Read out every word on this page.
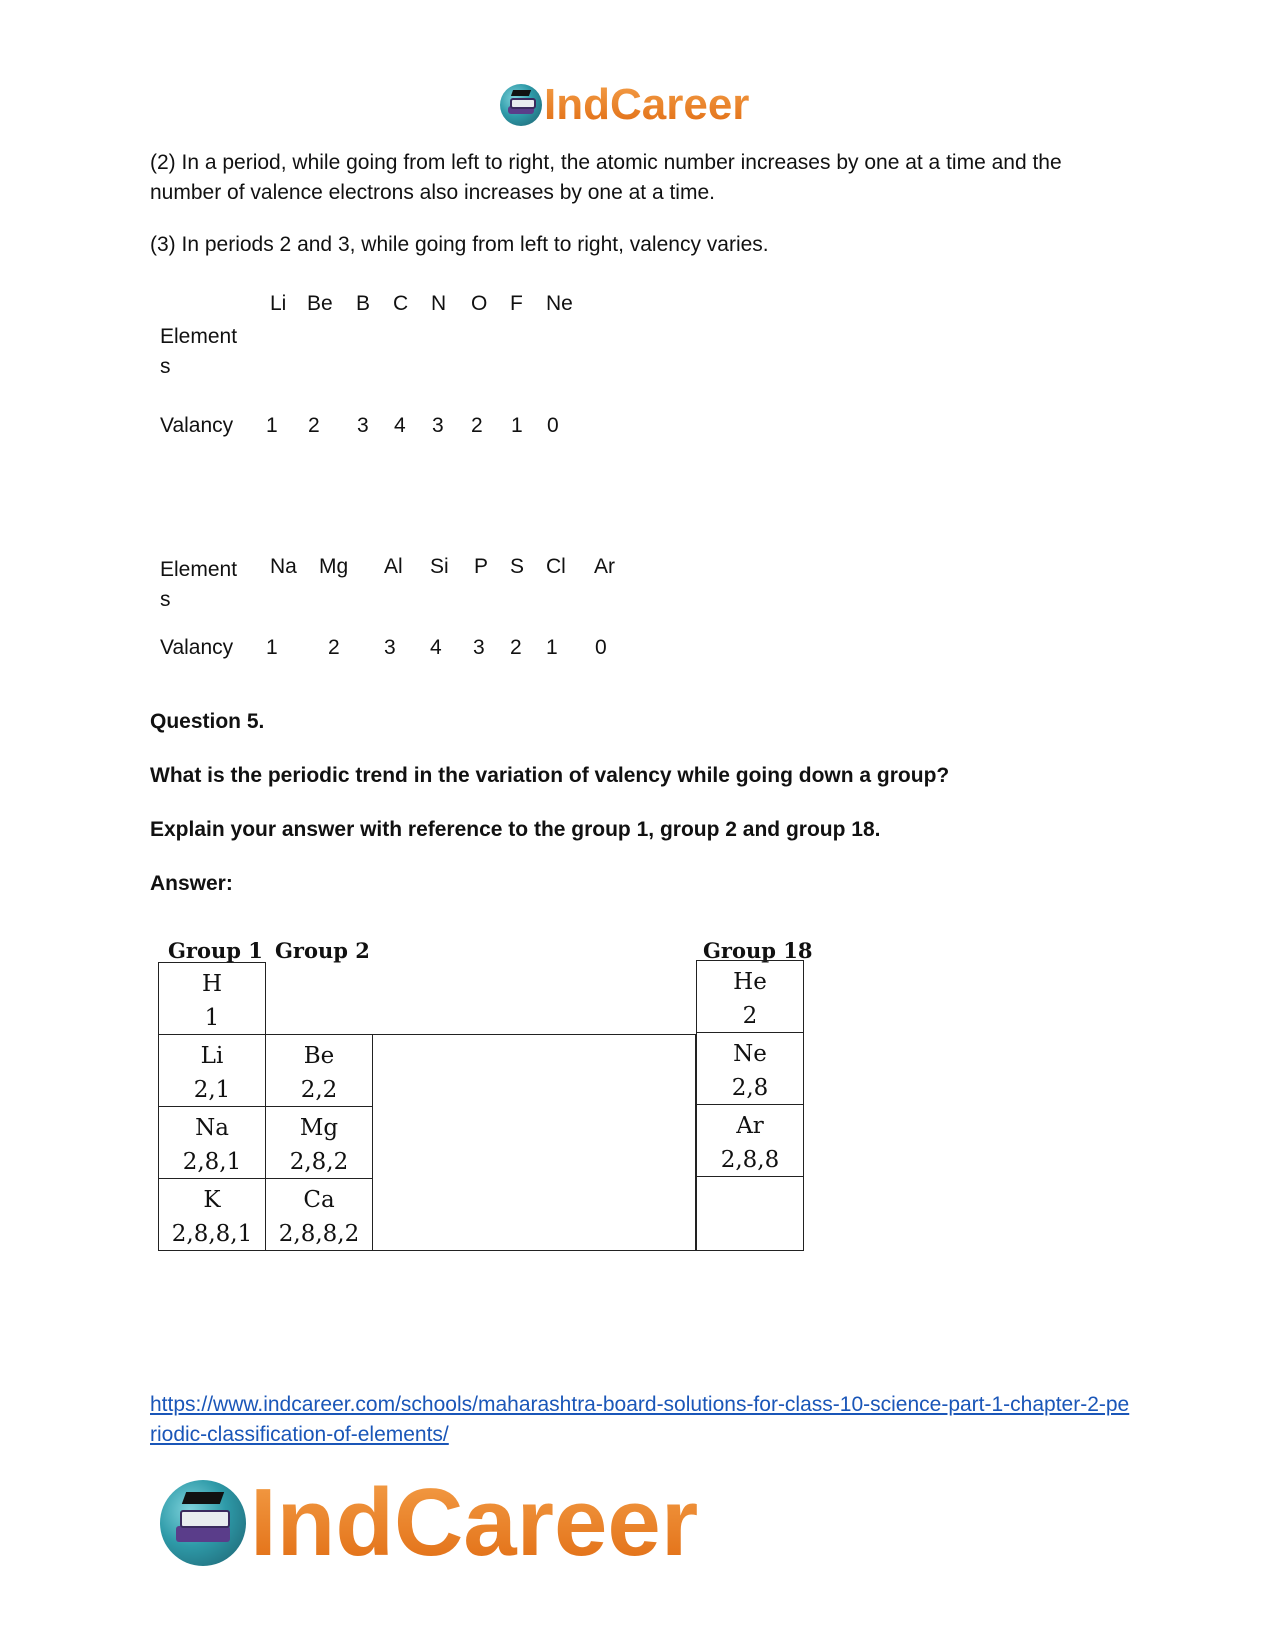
IndCareer
(2) In a period, while going from left to right, the atomic number increases by one at a time and the number of valence electrons also increases by one at a time.
(3) In periods 2 and 3, while going from left to right, valency varies.
Element s
Valancy
Li Be B C N O F Ne
1 2 3 4 3 2 1 0
Element s
Valancy
Na Mg Al Si P S Cl Ar
1 2 3 4 3 2 1 0
Question 5.
What is the periodic trend in the variation of valency while going down a group?
Explain your answer with reference to the group 1, group 2 and group 18.
Answer:
Group 1 Group 2	Group 18
H
1
Li
2,1
Na
2,8,1
K
2,8,8,1
Be
2,2
Mg
2,8,2
Ca
2,8,8,2
He
2
Ne
2,8
Ar
2,8,8
https://www.indcareer.com/schools/maharashtra-board-solutions-for-class-10-science-part-1-chapter-2-periodic-classification-of-elements/
IndCareer
